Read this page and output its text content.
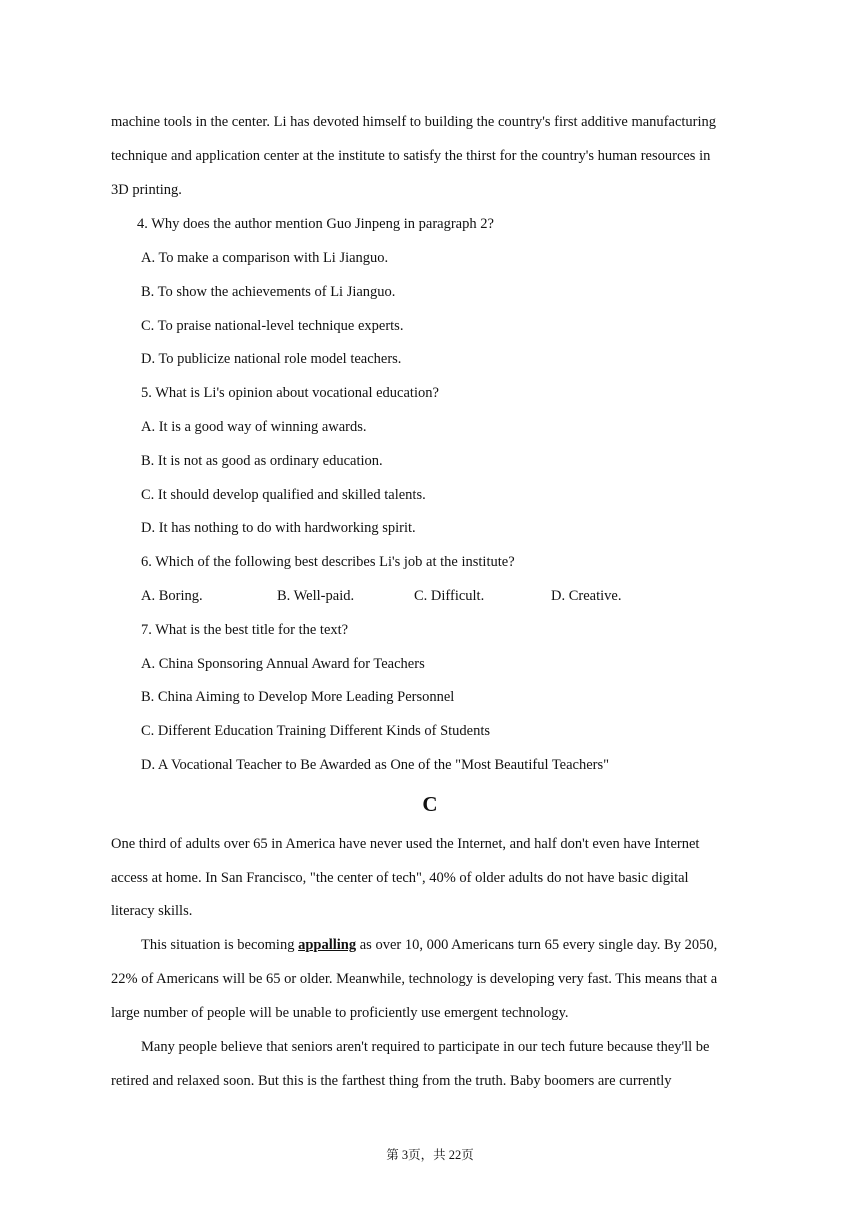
machine tools in the center. Li has devoted himself to building the country's first additive manufacturing
technique and application center at the institute to satisfy the thirst for the country's human resources in
3D printing.
4. Why does the author mention Guo Jinpeng in paragraph 2?
A. To make a comparison with Li Jianguo.
B. To show the achievements of Li Jianguo.
C. To praise national-level technique experts.
D. To publicize national role model teachers.
5. What is Li's opinion about vocational education?
A. It is a good way of winning awards.
B. It is not as good as ordinary education.
C. It should develop qualified and skilled talents.
D. It has nothing to do with hardworking spirit.
6. Which of the following best describes Li's job at the institute?
A. Boring.	B. Well-paid.	C. Difficult.	D. Creative.
7. What is the best title for the text?
A. China Sponsoring Annual Award for Teachers
B. China Aiming to Develop More Leading Personnel
C. Different Education Training Different Kinds of Students
D. A Vocational Teacher to Be Awarded as One of the "Most Beautiful Teachers"
C
One third of adults over 65 in America have never used the Internet, and half don't even have Internet
access at home. In San Francisco, "the center of tech", 40% of older adults do not have basic digital
literacy skills.
This situation is becoming appalling as over 10, 000 Americans turn 65 every single day. By 2050,
22% of Americans will be 65 or older. Meanwhile, technology is developing very fast. This means that a
large number of people will be unable to proficiently use emergent technology.
Many people believe that seniors aren't required to participate in our tech future because they'll be
retired and relaxed soon. But this is the farthest thing from the truth. Baby boomers are currently
第 3页，共 22页
